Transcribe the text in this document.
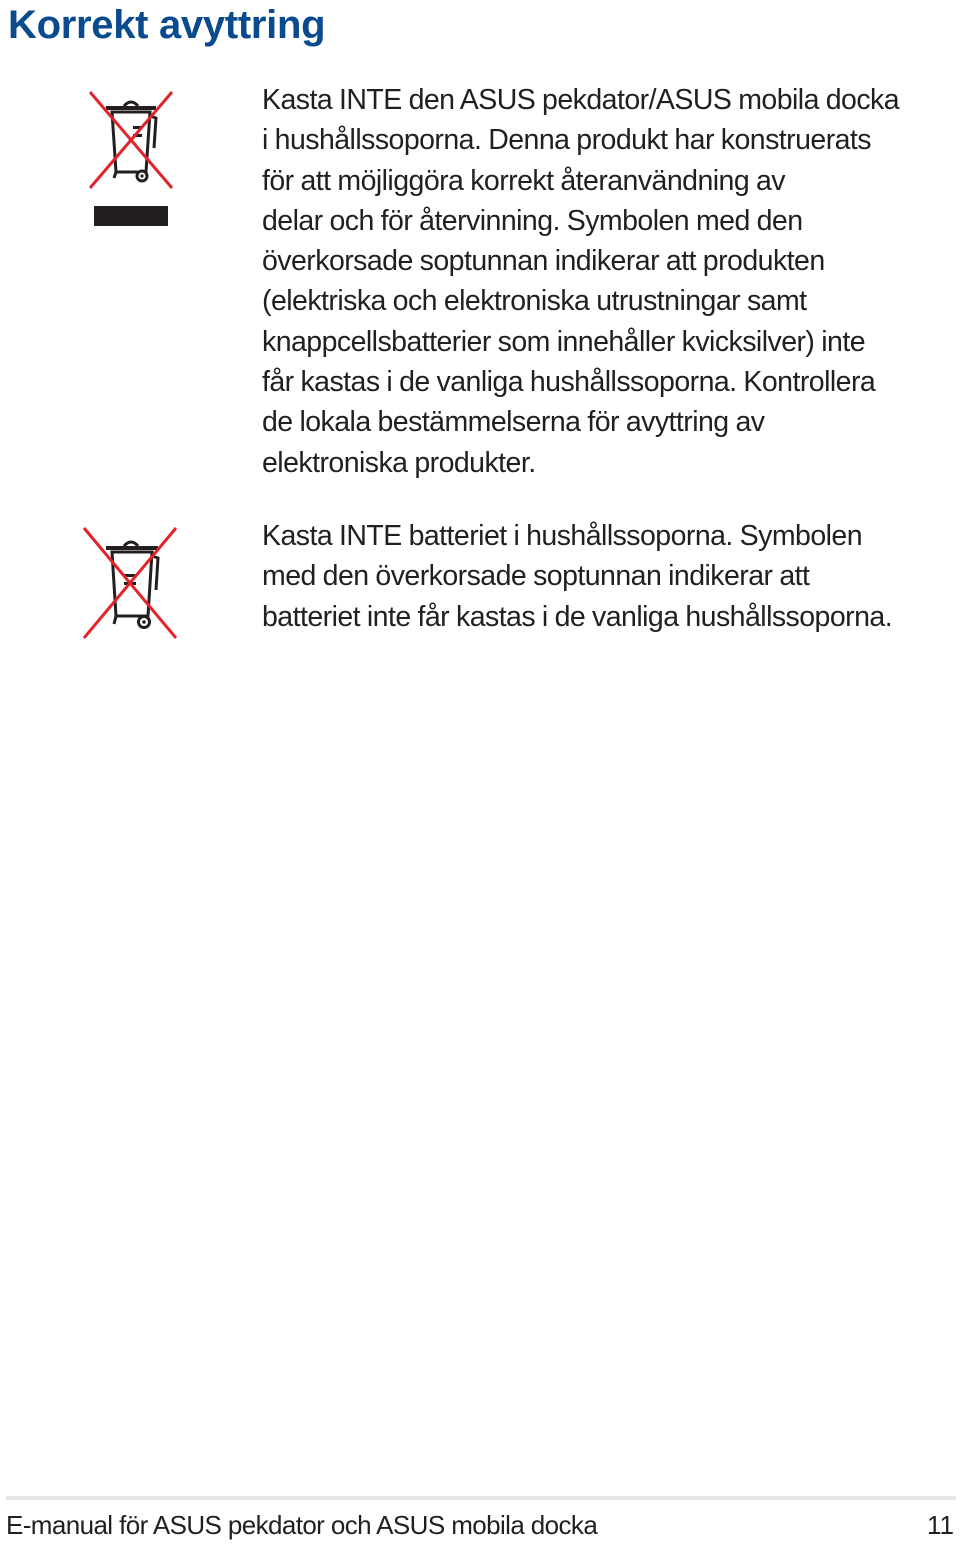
Korrekt avyttring

Kasta INTE den ASUS pekdator/ASUS mobila docka
i hushållssoporna. Denna produkt har konstruerats
för att möjliggöra korrekt återanvändning av
delar och för återvinning. Symbolen med den
överkorsade soptunnan indikerar att produkten
(elektriska och elektroniska utrustningar samt
knappcellsbatterier som innehåller kvicksilver) inte
får kastas i de vanliga hushållssoporna. Kontrollera
de lokala bestämmelserna för avyttring av
elektroniska produkter.

Kasta INTE batteriet i hushållssoporna. Symbolen
med den överkorsade soptunnan indikerar att
batteriet inte får kastas i de vanliga hushållssoporna.

E-manual för ASUS pekdator och ASUS mobila docka	11
